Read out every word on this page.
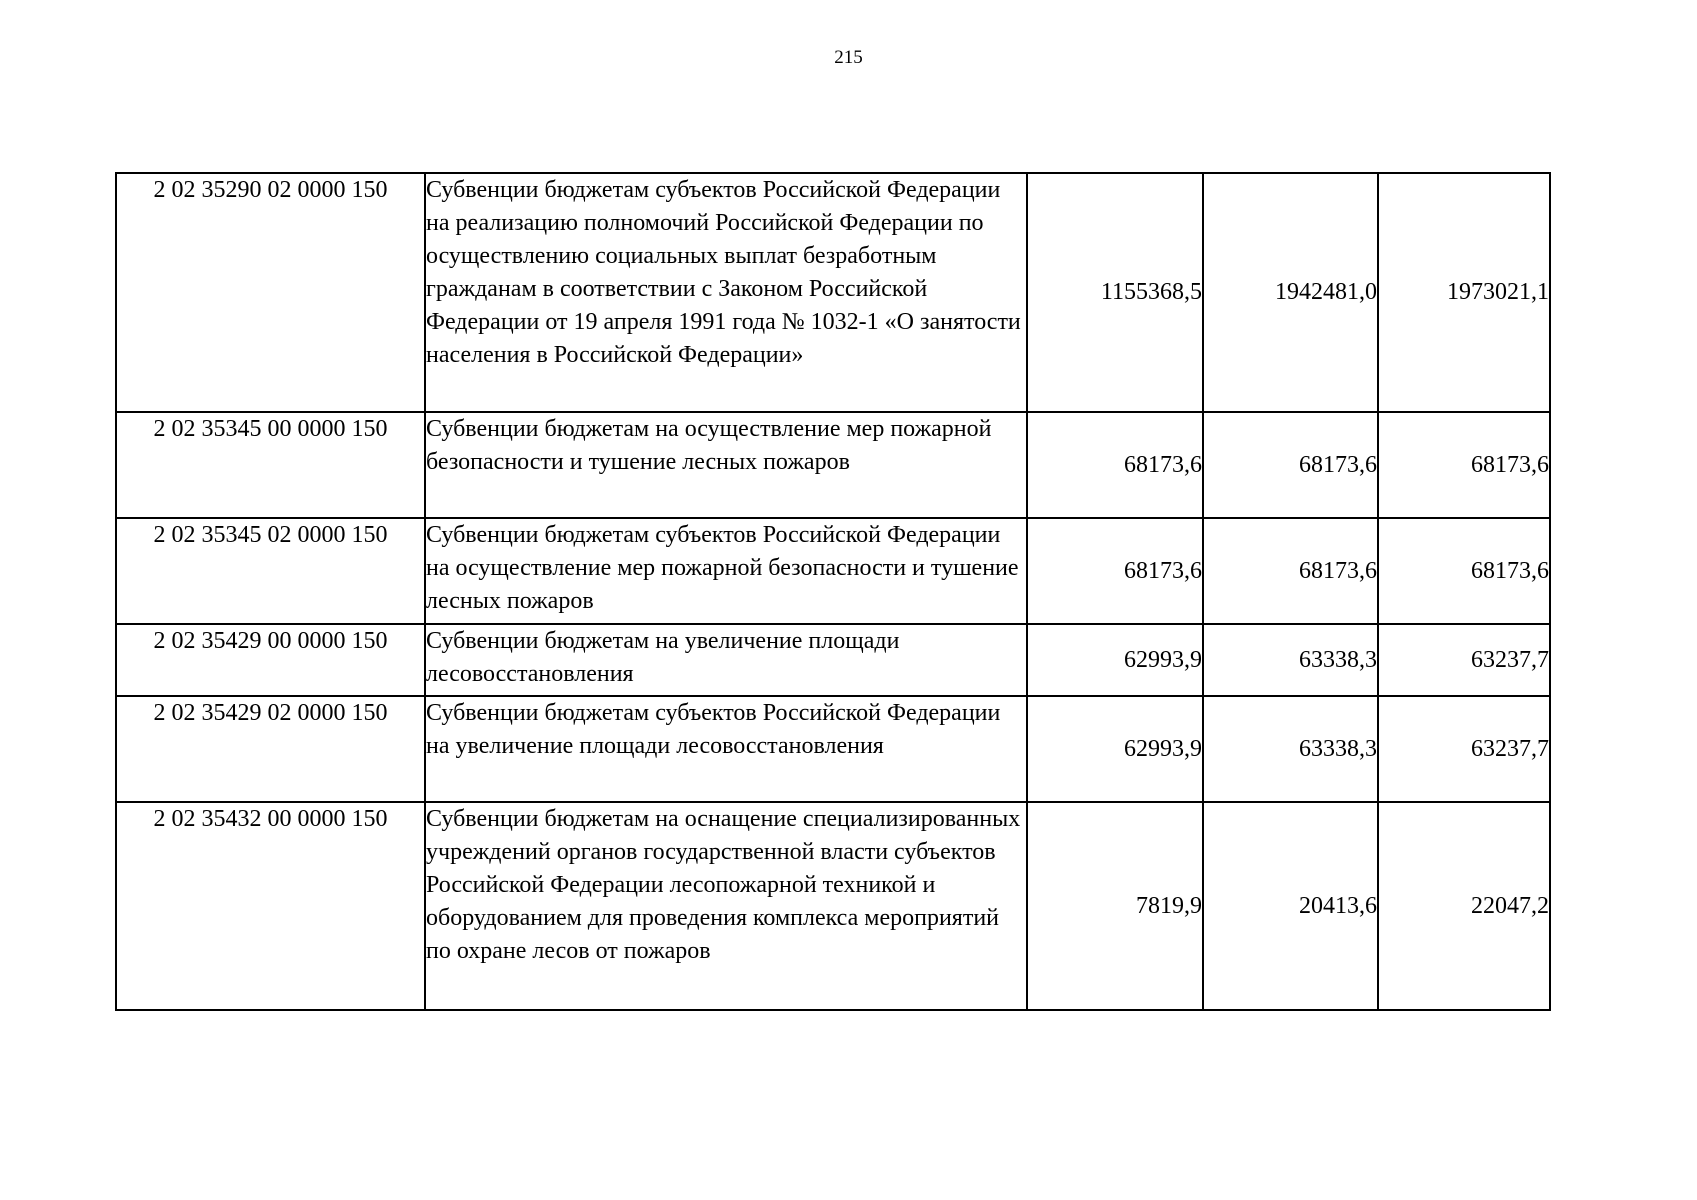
215
2 02 35290 02 0000 150	Субвенции бюджетам субъектов Российской Федерации на реализацию полномочий Российской Федерации по осуществлению социальных выплат безработным гражданам в соответствии с Законом Российской Федерации от 19 апреля 1991 года № 1032-1 «О занятости населения в Российской Федерации»	1155368,5	1942481,0	1973021,1
2 02 35345 00 0000 150	Субвенции бюджетам на осуществление мер пожарной безопасности и тушение лесных пожаров	68173,6	68173,6	68173,6
2 02 35345 02 0000 150	Субвенции бюджетам субъектов Российской Федерации на осуществление мер пожарной безопасности и тушение лесных пожаров	68173,6	68173,6	68173,6
2 02 35429 00 0000 150	Субвенции бюджетам на увеличение площади лесовосстановления	62993,9	63338,3	63237,7
2 02 35429 02 0000 150	Субвенции бюджетам субъектов Российской Федерации на увеличение площади лесовосстановления	62993,9	63338,3	63237,7
2 02 35432 00 0000 150	Субвенции бюджетам на оснащение специализированных учреждений органов государственной власти субъектов Российской Федерации лесопожарной техникой и оборудованием для проведения комплекса мероприятий по охране лесов от пожаров	7819,9	20413,6	22047,2
